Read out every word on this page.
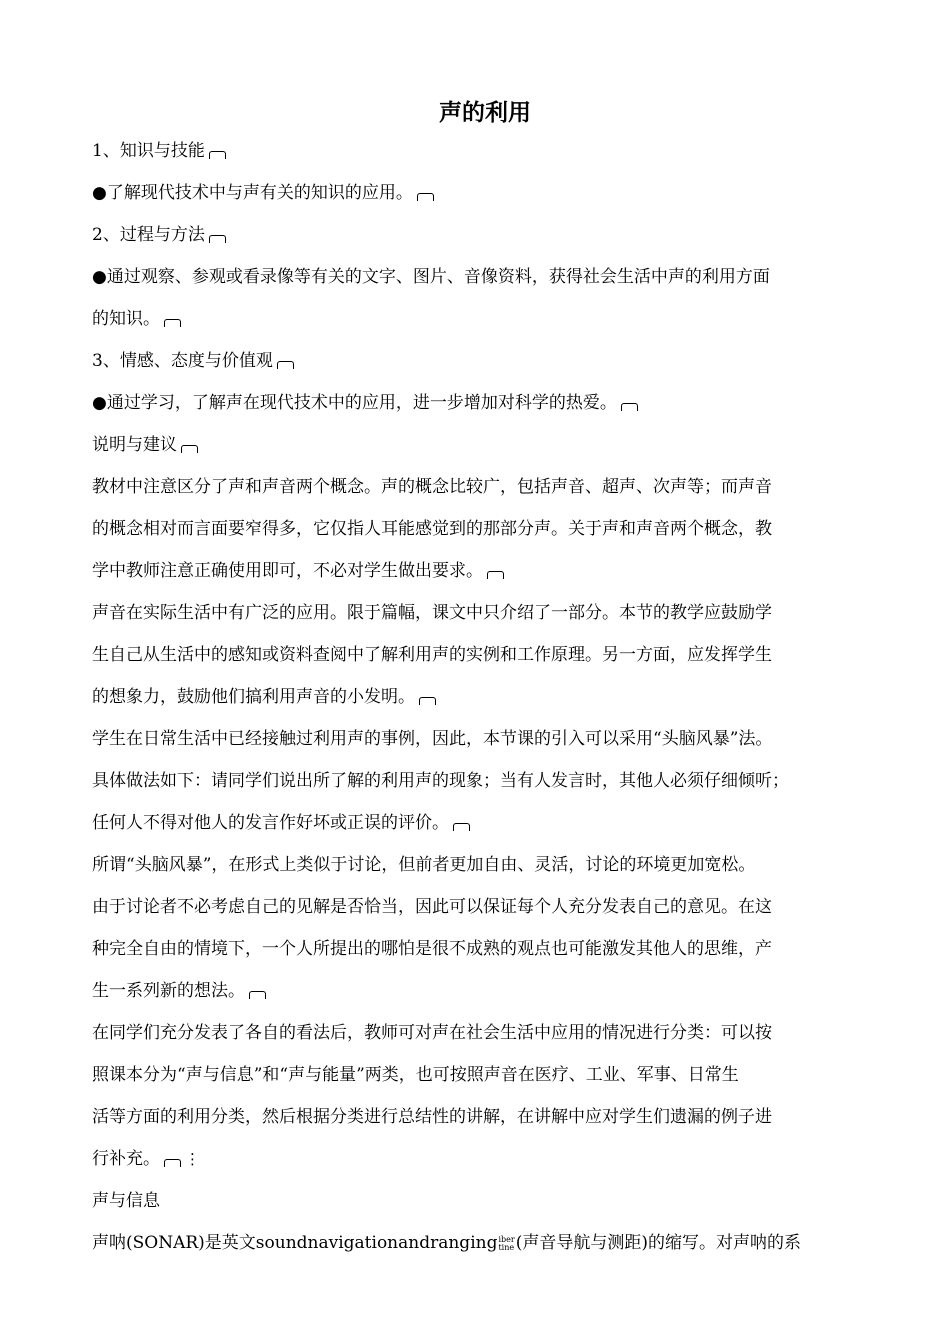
声的利用
1、知识与技能
●了解现代技术中与声有关的知识的应用。
2、过程与方法
●通过观察、参观或看录像等有关的文字、图片、音像资料，获得社会生活中声的利用方面
的知识。
3、情感、态度与价值观
●通过学习，了解声在现代技术中的应用，进一步增加对科学的热爱。
说明与建议
教材中注意区分了声和声音两个概念。声的概念比较广，包括声音、超声、次声等；而声音
的概念相对而言面要窄得多，它仅指人耳能感觉到的那部分声。关于声和声音两个概念，教
学中教师注意正确使用即可，不必对学生做出要求。
声音在实际生活中有广泛的应用。限于篇幅，课文中只介绍了一部分。本节的教学应鼓励学
生自己从生活中的感知或资料查阅中了解利用声的实例和工作原理。另一方面，应发挥学生
的想象力，鼓励他们搞利用声音的小发明。
学生在日常生活中已经接触过利用声的事例，因此，本节课的引入可以采用“头脑风暴”法。
具体做法如下：请同学们说出所了解的利用声的现象；当有人发言时，其他人必须仔细倾听；
任何人不得对他人的发言作好坏或正误的评价。
所谓“头脑风暴”，在形式上类似于讨论，但前者更加自由、灵活，讨论的环境更加宽松。
由于讨论者不必考虑自己的见解是否恰当，因此可以保证每个人充分发表自己的意见。在这
种完全自由的情境下，一个人所提出的哪怕是很不成熟的观点也可能激发其他人的思维，产
生一系列新的想法。
在同学们充分发表了各自的看法后，教师可对声在社会生活中应用的情况进行分类：可以按
照课本分为“声与信息”和“声与能量”两类，也可按照声音在医疗、工业、军事、日常生
活等方面的利用分类，然后根据分类进行总结性的讲解，在讲解中应对学生们遗漏的例子进
行补充。 ⋮
声与信息
声呐(SONAR)是英文soundnavigationandranging iber
tine (声音导航与测距)的缩写。对声呐的系
